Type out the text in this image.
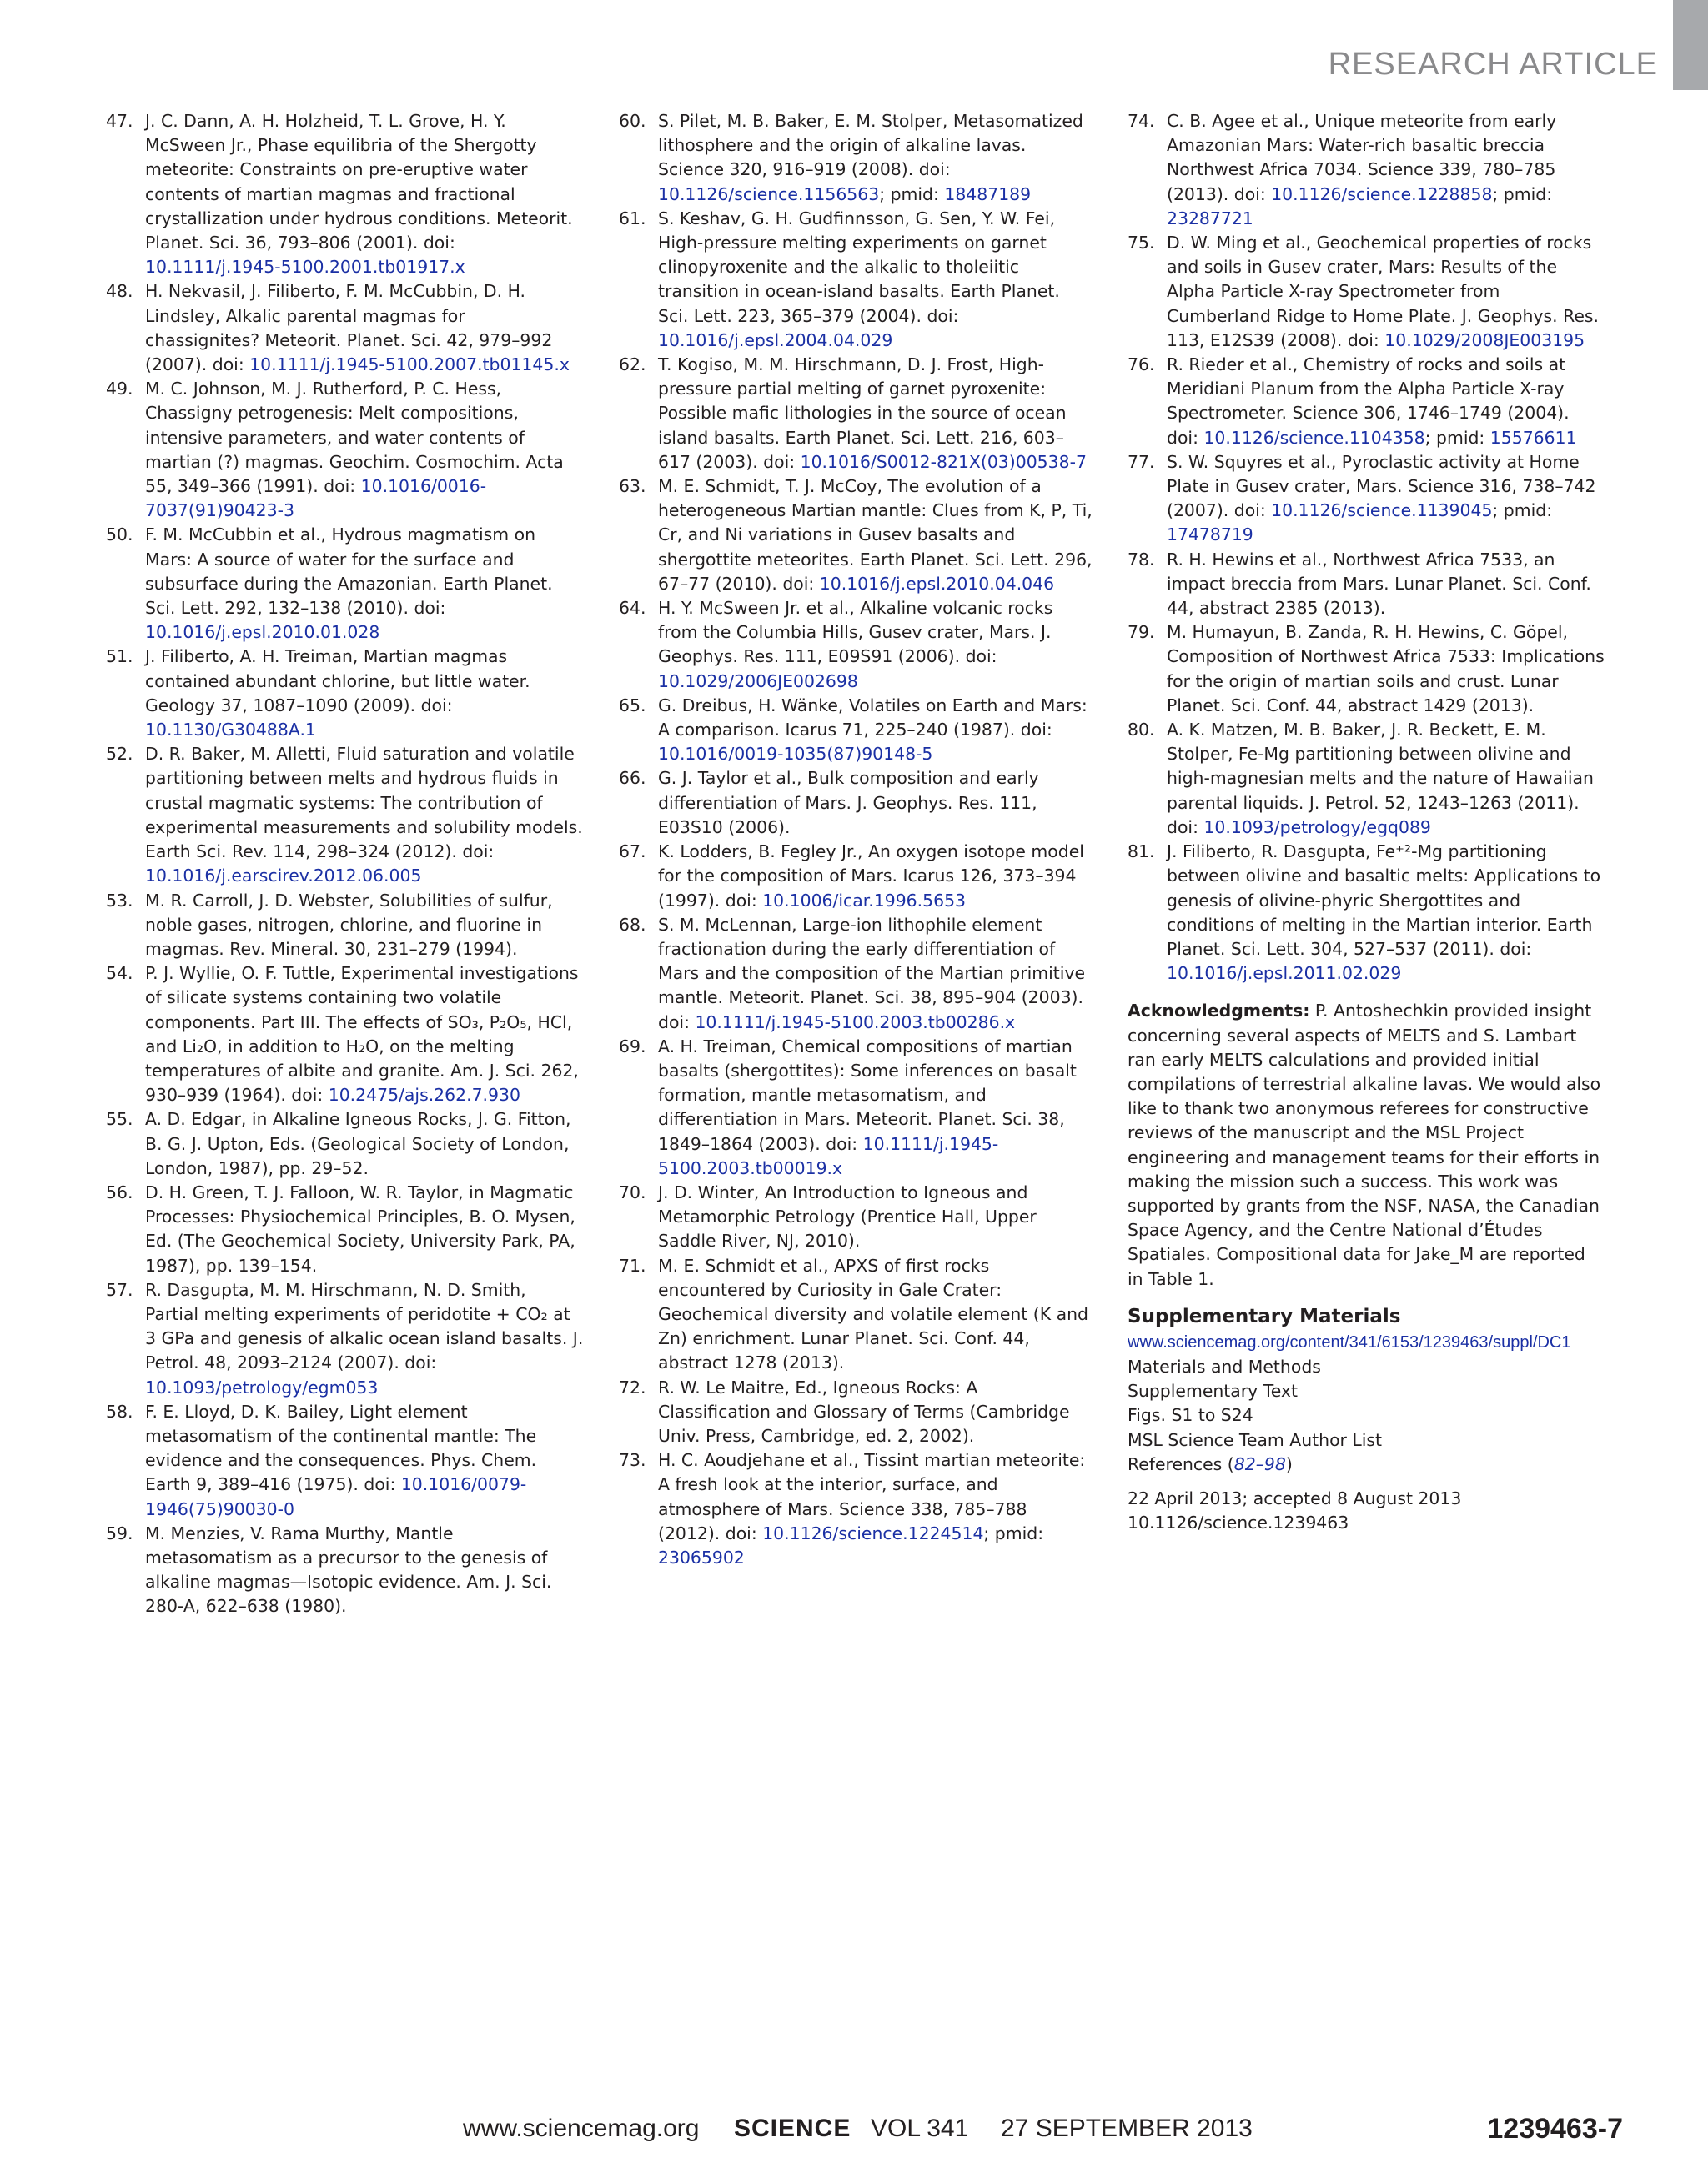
RESEARCH ARTICLE
47. J. C. Dann, A. H. Holzheid, T. L. Grove, H. Y. McSween Jr., Phase equilibria of the Shergotty meteorite: Constraints on pre-eruptive water contents of martian magmas and fractional crystallization under hydrous conditions. Meteorit. Planet. Sci. 36, 793–806 (2001). doi: 10.1111/j.1945-5100.2001.tb01917.x
48. H. Nekvasil, J. Filiberto, F. M. McCubbin, D. H. Lindsley, Alkalic parental magmas for chassignites? Meteorit. Planet. Sci. 42, 979–992 (2007). doi: 10.1111/j.1945-5100.2007.tb01145.x
49. M. C. Johnson, M. J. Rutherford, P. C. Hess, Chassigny petrogenesis: Melt compositions, intensive parameters, and water contents of martian (?) magmas. Geochim. Cosmochim. Acta 55, 349–366 (1991). doi: 10.1016/0016-7037(91)90423-3
50. F. M. McCubbin et al., Hydrous magmatism on Mars: A source of water for the surface and subsurface during the Amazonian. Earth Planet. Sci. Lett. 292, 132–138 (2010). doi: 10.1016/j.epsl.2010.01.028
51. J. Filiberto, A. H. Treiman, Martian magmas contained abundant chlorine, but little water. Geology 37, 1087–1090 (2009). doi: 10.1130/G30488A.1
52. D. R. Baker, M. Alletti, Fluid saturation and volatile partitioning between melts and hydrous fluids in crustal magmatic systems: The contribution of experimental measurements and solubility models. Earth Sci. Rev. 114, 298–324 (2012). doi: 10.1016/j.earscirev.2012.06.005
53. M. R. Carroll, J. D. Webster, Solubilities of sulfur, noble gases, nitrogen, chlorine, and fluorine in magmas. Rev. Mineral. 30, 231–279 (1994).
54. P. J. Wyllie, O. F. Tuttle, Experimental investigations of silicate systems containing two volatile components. Part III. The effects of SO₃, P₂O₅, HCl, and Li₂O, in addition to H₂O, on the melting temperatures of albite and granite. Am. J. Sci. 262, 930–939 (1964). doi: 10.2475/ajs.262.7.930
55. A. D. Edgar, in Alkaline Igneous Rocks, J. G. Fitton, B. G. J. Upton, Eds. (Geological Society of London, London, 1987), pp. 29–52.
56. D. H. Green, T. J. Falloon, W. R. Taylor, in Magmatic Processes: Physiochemical Principles, B. O. Mysen, Ed. (The Geochemical Society, University Park, PA, 1987), pp. 139–154.
57. R. Dasgupta, M. M. Hirschmann, N. D. Smith, Partial melting experiments of peridotite + CO₂ at 3 GPa and genesis of alkalic ocean island basalts. J. Petrol. 48, 2093–2124 (2007). doi: 10.1093/petrology/egm053
58. F. E. Lloyd, D. K. Bailey, Light element metasomatism of the continental mantle: The evidence and the consequences. Phys. Chem. Earth 9, 389–416 (1975). doi: 10.1016/0079-1946(75)90030-0
59. M. Menzies, V. Rama Murthy, Mantle metasomatism as a precursor to the genesis of alkaline magmas—Isotopic evidence. Am. J. Sci. 280-A, 622–638 (1980).
60. S. Pilet, M. B. Baker, E. M. Stolper, Metasomatized lithosphere and the origin of alkaline lavas. Science 320, 916–919 (2008). doi: 10.1126/science.1156563; pmid: 18487189
61. S. Keshav, G. H. Gudfinnsson, G. Sen, Y. W. Fei, High-pressure melting experiments on garnet clinopyroxenite and the alkalic to tholeiitic transition in ocean-island basalts. Earth Planet. Sci. Lett. 223, 365–379 (2004). doi: 10.1016/j.epsl.2004.04.029
62. T. Kogiso, M. M. Hirschmann, D. J. Frost, High-pressure partial melting of garnet pyroxenite: Possible mafic lithologies in the source of ocean island basalts. Earth Planet. Sci. Lett. 216, 603–617 (2003). doi: 10.1016/S0012-821X(03)00538-7
63. M. E. Schmidt, T. J. McCoy, The evolution of a heterogeneous Martian mantle: Clues from K, P, Ti, Cr, and Ni variations in Gusev basalts and shergottite meteorites. Earth Planet. Sci. Lett. 296, 67–77 (2010). doi: 10.1016/j.epsl.2010.04.046
64. H. Y. McSween Jr. et al., Alkaline volcanic rocks from the Columbia Hills, Gusev crater, Mars. J. Geophys. Res. 111, E09S91 (2006). doi: 10.1029/2006JE002698
65. G. Dreibus, H. Wänke, Volatiles on Earth and Mars: A comparison. Icarus 71, 225–240 (1987). doi: 10.1016/0019-1035(87)90148-5
66. G. J. Taylor et al., Bulk composition and early differentiation of Mars. J. Geophys. Res. 111, E03S10 (2006).
67. K. Lodders, B. Fegley Jr., An oxygen isotope model for the composition of Mars. Icarus 126, 373–394 (1997). doi: 10.1006/icar.1996.5653
68. S. M. McLennan, Large-ion lithophile element fractionation during the early differentiation of Mars and the composition of the Martian primitive mantle. Meteorit. Planet. Sci. 38, 895–904 (2003). doi: 10.1111/j.1945-5100.2003.tb00286.x
69. A. H. Treiman, Chemical compositions of martian basalts (shergottites): Some inferences on basalt formation, mantle metasomatism, and differentiation in Mars. Meteorit. Planet. Sci. 38, 1849–1864 (2003). doi: 10.1111/j.1945-5100.2003.tb00019.x
70. J. D. Winter, An Introduction to Igneous and Metamorphic Petrology (Prentice Hall, Upper Saddle River, NJ, 2010).
71. M. E. Schmidt et al., APXS of first rocks encountered by Curiosity in Gale Crater: Geochemical diversity and volatile element (K and Zn) enrichment. Lunar Planet. Sci. Conf. 44, abstract 1278 (2013).
72. R. W. Le Maitre, Ed., Igneous Rocks: A Classification and Glossary of Terms (Cambridge Univ. Press, Cambridge, ed. 2, 2002).
73. H. C. Aoudjehane et al., Tissint martian meteorite: A fresh look at the interior, surface, and atmosphere of Mars. Science 338, 785–788 (2012). doi: 10.1126/science.1224514; pmid: 23065902
74. C. B. Agee et al., Unique meteorite from early Amazonian Mars: Water-rich basaltic breccia Northwest Africa 7034. Science 339, 780–785 (2013). doi: 10.1126/science.1228858; pmid: 23287721
75. D. W. Ming et al., Geochemical properties of rocks and soils in Gusev crater, Mars: Results of the Alpha Particle X-ray Spectrometer from Cumberland Ridge to Home Plate. J. Geophys. Res. 113, E12S39 (2008). doi: 10.1029/2008JE003195
76. R. Rieder et al., Chemistry of rocks and soils at Meridiani Planum from the Alpha Particle X-ray Spectrometer. Science 306, 1746–1749 (2004). doi: 10.1126/science.1104358; pmid: 15576611
77. S. W. Squyres et al., Pyroclastic activity at Home Plate in Gusev crater, Mars. Science 316, 738–742 (2007). doi: 10.1126/science.1139045; pmid: 17478719
78. R. H. Hewins et al., Northwest Africa 7533, an impact breccia from Mars. Lunar Planet. Sci. Conf. 44, abstract 2385 (2013).
79. M. Humayun, B. Zanda, R. H. Hewins, C. Göpel, Composition of Northwest Africa 7533: Implications for the origin of martian soils and crust. Lunar Planet. Sci. Conf. 44, abstract 1429 (2013).
80. A. K. Matzen, M. B. Baker, J. R. Beckett, E. M. Stolper, Fe-Mg partitioning between olivine and high-magnesian melts and the nature of Hawaiian parental liquids. J. Petrol. 52, 1243–1263 (2011). doi: 10.1093/petrology/egq089
81. J. Filiberto, R. Dasgupta, Fe⁺²-Mg partitioning between olivine and basaltic melts: Applications to genesis of olivine-phyric Shergottites and conditions of melting in the Martian interior. Earth Planet. Sci. Lett. 304, 527–537 (2011). doi: 10.1016/j.epsl.2011.02.029
Acknowledgments: P. Antoshechkin provided insight concerning several aspects of MELTS and S. Lambart ran early MELTS calculations and provided initial compilations of terrestrial alkaline lavas. We would also like to thank two anonymous referees for constructive reviews of the manuscript and the MSL Project engineering and management teams for their efforts in making the mission such a success. This work was supported by grants from the NSF, NASA, the Canadian Space Agency, and the Centre National d’Études Spatiales. Compositional data for Jake_M are reported in Table 1.
Supplementary Materials
www.sciencemag.org/content/341/6153/1239463/suppl/DC1
Materials and Methods
Supplementary Text
Figs. S1 to S24
MSL Science Team Author List
References (82–98)
22 April 2013; accepted 8 August 2013
10.1126/science.1239463
www.sciencemag.org SCIENCE VOL 341 27 SEPTEMBER 2013	1239463-7
